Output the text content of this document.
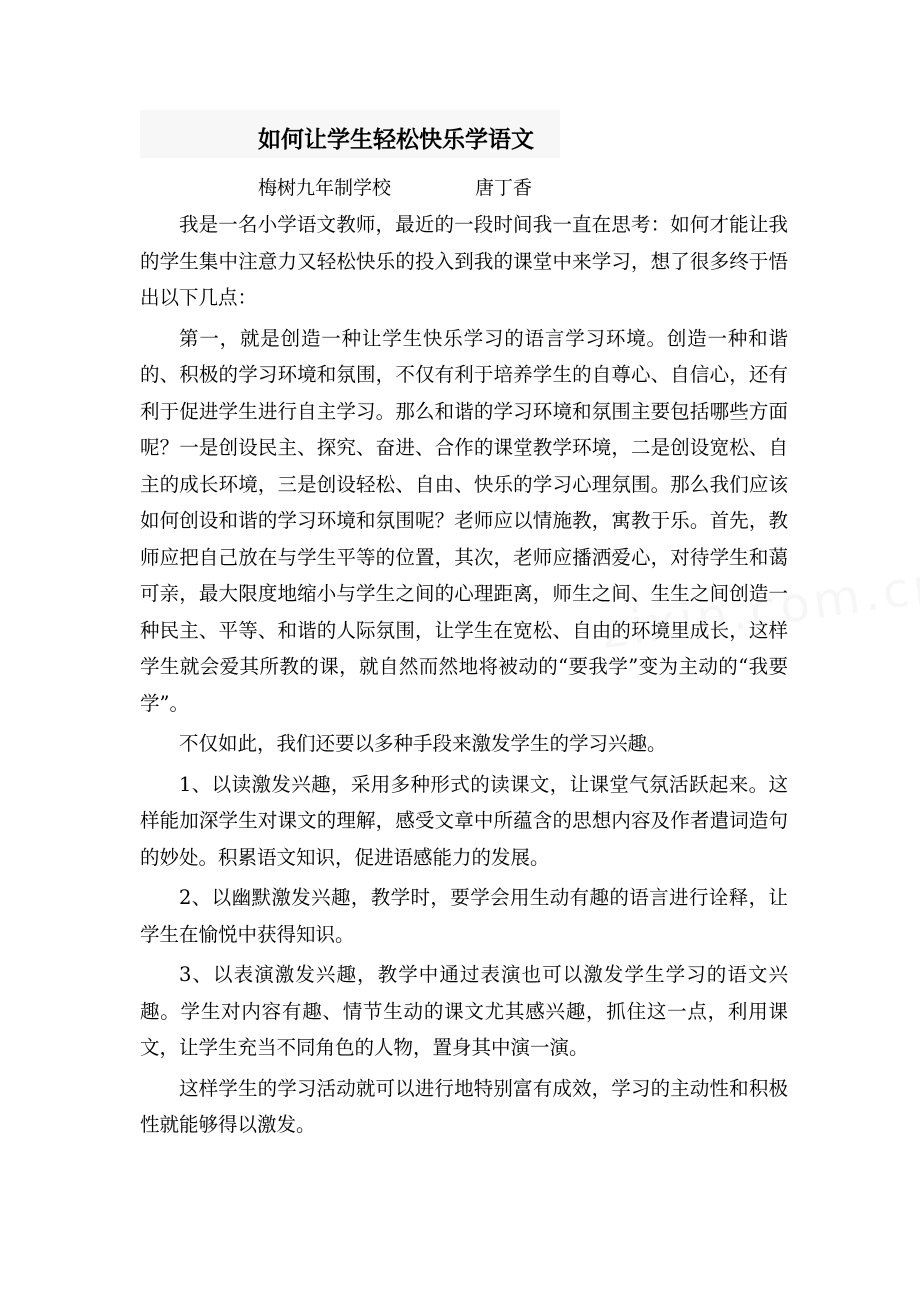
如何让学生轻松快乐学语文
梅树九年制学校	唐丁香

我是一名小学语文教师，最近的一段时间我一直在思考：如何才能让我的学生集中注意力又轻松快乐的投入到我的课堂中来学习，想了很多终于悟出以下几点：

第一，就是创造一种让学生快乐学习的语言学习环境。创造一种和谐的、积极的学习环境和氛围，不仅有利于培养学生的自尊心、自信心，还有利于促进学生进行自主学习。那么和谐的学习环境和氛围主要包括哪些方面呢？一是创设民主、探究、奋进、合作的课堂教学环境，二是创设宽松、自主的成长环境，三是创设轻松、自由、快乐的学习心理氛围。那么我们应该如何创设和谐的学习环境和氛围呢？老师应以情施教，寓教于乐。首先，教师应把自己放在与学生平等的位置，其次，老师应播洒爱心，对待学生和蔼可亲，最大限度地缩小与学生之间的心理距离，师生之间、生生之间创造一种民主、平等、和谐的人际氛围，让学生在宽松、自由的环境里成长，这样学生就会爱其所教的课，就自然而然地将被动的“要我学”变为主动的“我要学”。

不仅如此，我们还要以多种手段来激发学生的学习兴趣。

1、以读激发兴趣，采用多种形式的读课文，让课堂气氛活跃起来。这样能加深学生对课文的理解，感受文章中所蕴含的思想内容及作者遣词造句的妙处。积累语文知识，促进语感能力的发展。

2、以幽默激发兴趣，教学时，要学会用生动有趣的语言进行诠释，让学生在愉悦中获得知识。

3、以表演激发兴趣，教学中通过表演也可以激发学生学习的语文兴趣。学生对内容有趣、情节生动的课文尤其感兴趣，抓住这一点，利用课文，让学生充当不同角色的人物，置身其中演一演。

这样学生的学习活动就可以进行地特别富有成效，学习的主动性和积极性就能够得以激发。
